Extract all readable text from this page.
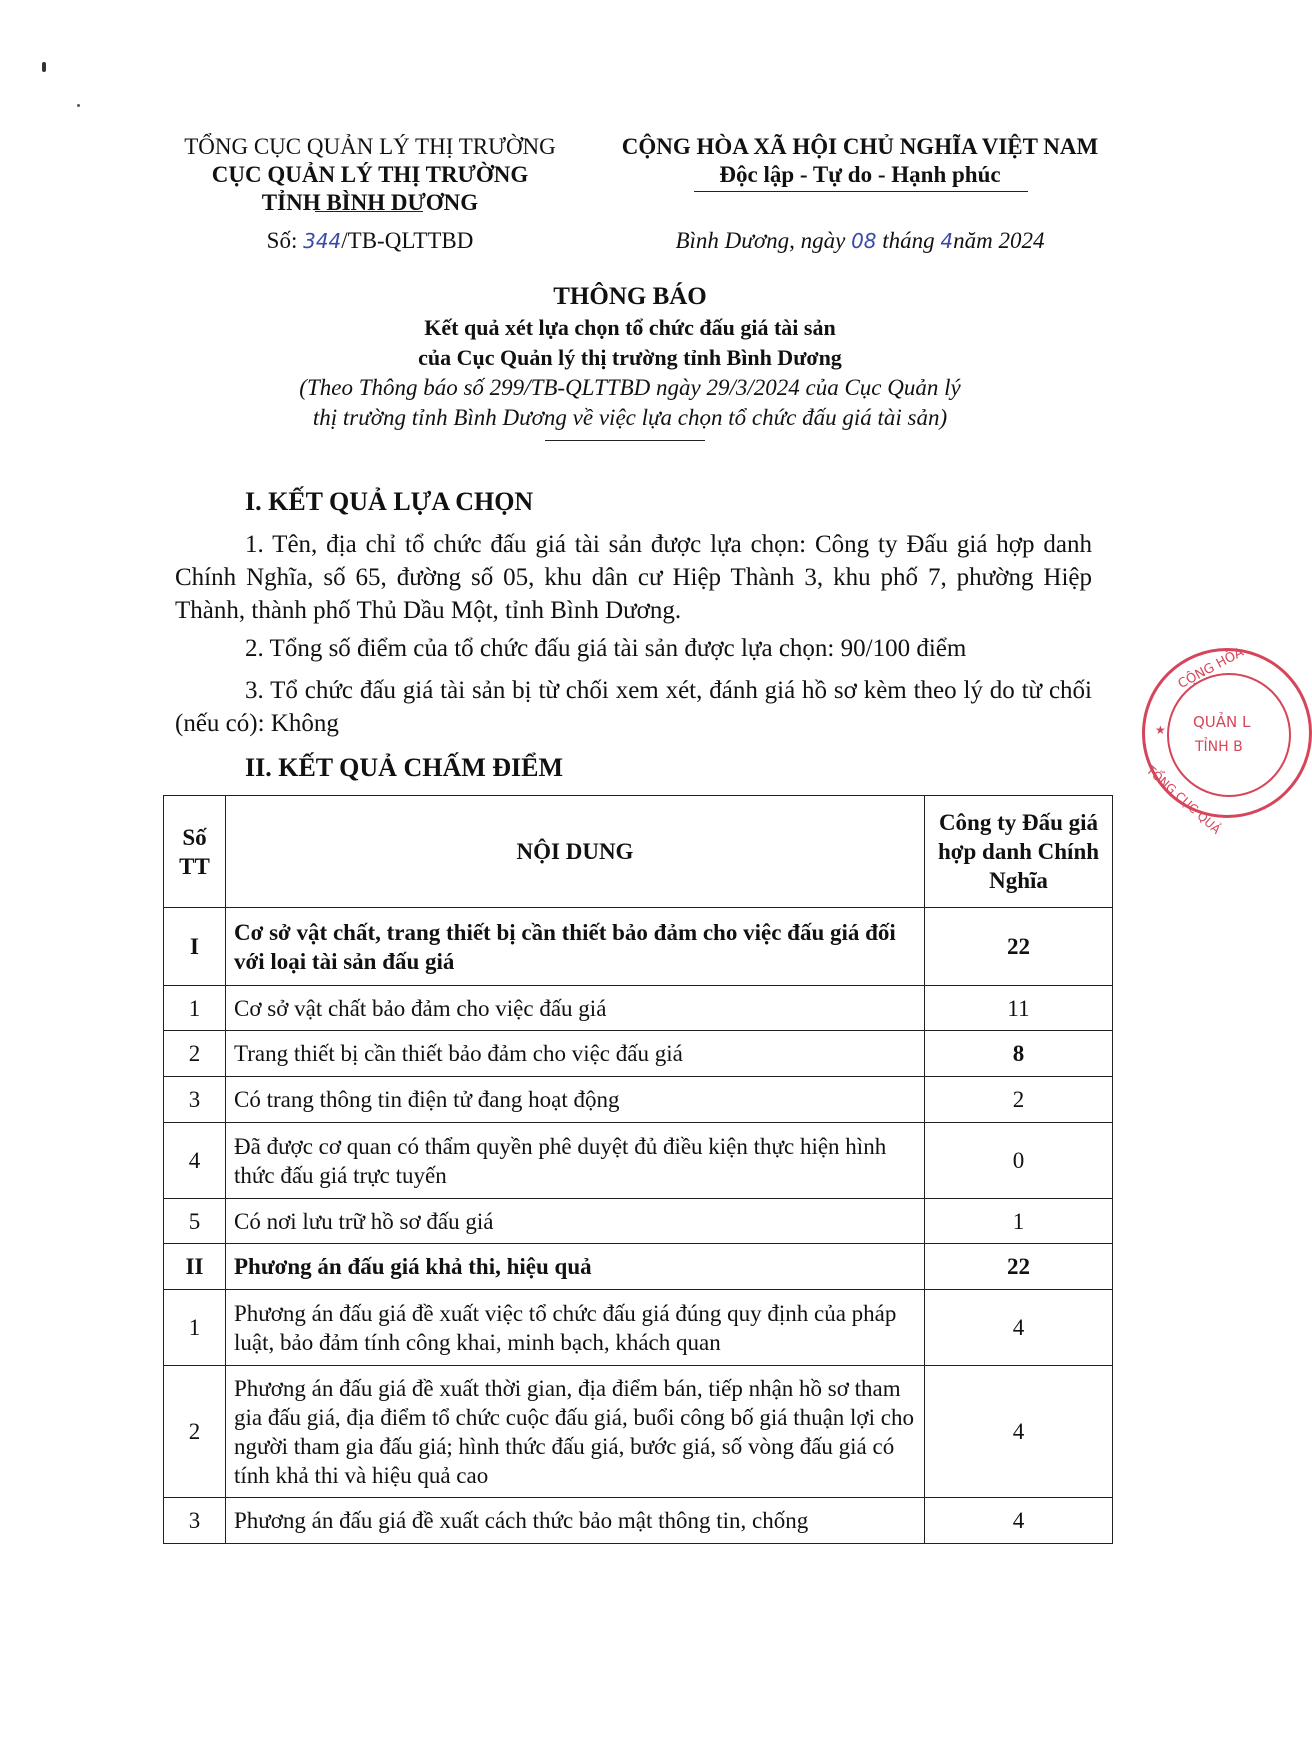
TỔNG CỤC QUẢN LÝ THỊ TRƯỜNG
CỤC QUẢN LÝ THỊ TRƯỜNG
TỈNH BÌNH DƯƠNG
Số: 344/TB-QLTTBD
CỘNG HÒA XÃ HỘI CHỦ NGHĨA VIỆT NAM
Độc lập - Tự do - Hạnh phúc
Bình Dương, ngày 08 tháng 4năm 2024
THÔNG BÁO
Kết quả xét lựa chọn tổ chức đấu giá tài sản
của Cục Quản lý thị trường tỉnh Bình Dương
(Theo Thông báo số 299/TB-QLTTBD ngày 29/3/2024 của Cục Quản lý
thị trường tỉnh Bình Dương về việc lựa chọn tổ chức đấu giá tài sản)
I. KẾT QUẢ LỰA CHỌN
1. Tên, địa chỉ tổ chức đấu giá tài sản được lựa chọn: Công ty Đấu giá hợp danh Chính Nghĩa, số 65, đường số 05, khu dân cư Hiệp Thành 3, khu phố 7, phường Hiệp Thành, thành phố Thủ Dầu Một, tỉnh Bình Dương.
2. Tổng số điểm của tổ chức đấu giá tài sản được lựa chọn: 90/100 điểm
3. Tổ chức đấu giá tài sản bị từ chối xem xét, đánh giá hồ sơ kèm theo lý do từ chối (nếu có): Không
II. KẾT QUẢ CHẤM ĐIỂM
Số TT	NỘI DUNG	Công ty Đấu giá hợp danh Chính Nghĩa
I	Cơ sở vật chất, trang thiết bị cần thiết bảo đảm cho việc đấu giá đối với loại tài sản đấu giá	22
1	Cơ sở vật chất bảo đảm cho việc đấu giá	11
2	Trang thiết bị cần thiết bảo đảm cho việc đấu giá	8
3	Có trang thông tin điện tử đang hoạt động	2
4	Đã được cơ quan có thẩm quyền phê duyệt đủ điều kiện thực hiện hình thức đấu giá trực tuyến	0
5	Có nơi lưu trữ hồ sơ đấu giá	1
II	Phương án đấu giá khả thi, hiệu quả	22
1	Phương án đấu giá đề xuất việc tổ chức đấu giá đúng quy định của pháp luật, bảo đảm tính công khai, minh bạch, khách quan	4
2	Phương án đấu giá đề xuất thời gian, địa điểm bán, tiếp nhận hồ sơ tham gia đấu giá, địa điểm tổ chức cuộc đấu giá, buổi công bố giá thuận lợi cho người tham gia đấu giá; hình thức đấu giá, bước giá, số vòng đấu giá có tính khả thi và hiệu quả cao	4
3	Phương án đấu giá đề xuất cách thức bảo mật thông tin, chống	4
CỘNG HÒA
QUẢN L
TỈNH B
TỔNG CỤC QUẢ
★
